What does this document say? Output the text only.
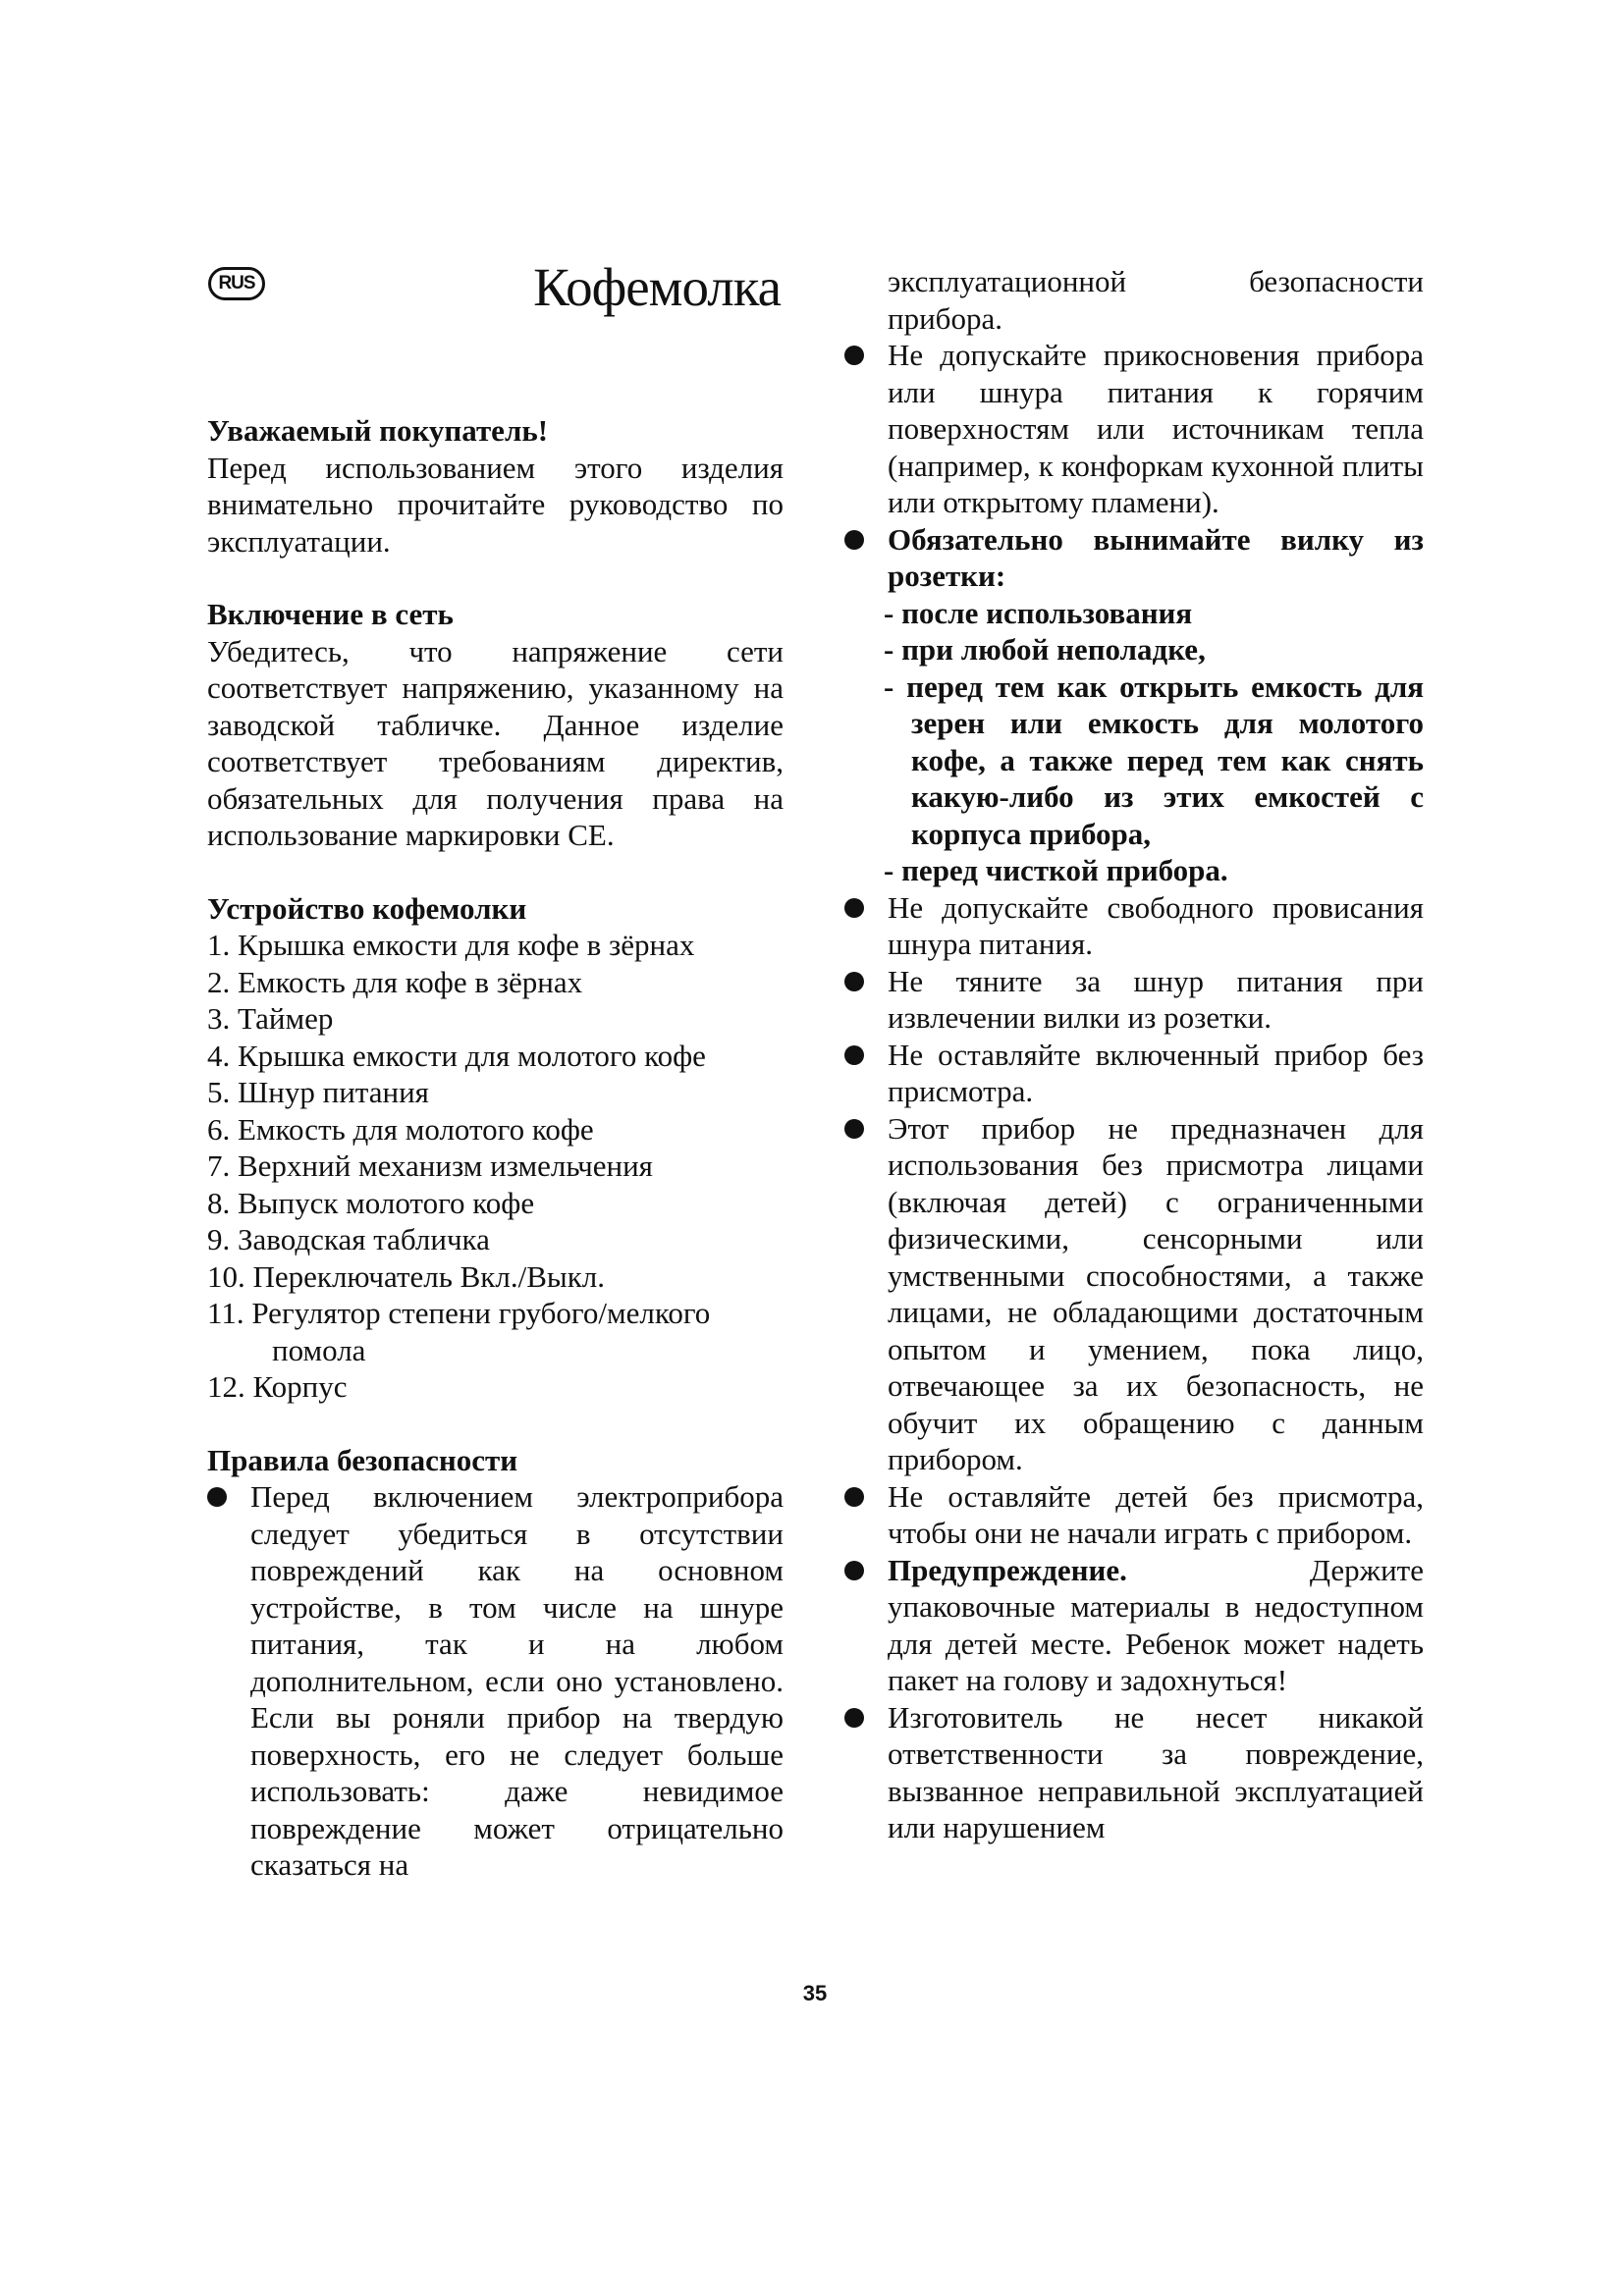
RUS	Кофемолка

Уважаемый покупатель!

Перед использованием этого изделия внимательно прочитайте руководство по эксплуатации.

Включение в сеть

Убедитесь, что напряжение сети соответствует напряжению, указанному на заводской табличке. Данное изделие соответствует требованиям директив, обязательных для получения права на использование маркировки CE.

Устройство кофемолки

1. Крышка емкости для кофе в зёрнах
2. Емкость для кофе в зёрнах
3. Таймер
4. Крышка емкости для молотого кофе
5. Шнур питания
6. Емкость для молотого кофе
7. Верхний механизм измельчения
8. Выпуск молотого кофе
9. Заводская табличка
10. Переключатель Вкл./Выкл.
11. Регулятор степени грубого/мелкого помола
12. Корпус

Правила безопасности

Перед включением электроприбора следует убедиться в отсутствии повреждений как на основном устройстве, в том числе на шнуре питания, так и на любом дополнительном, если оно установлено. Если вы роняли прибор на твердую поверхность, его не следует больше использовать: даже невидимое повреждение может отрицательно сказаться на

эксплуатационной безопасности прибора.

Не допускайте прикосновения прибора или шнура питания к горячим поверхностям или источникам тепла (например, к конфоркам кухонной плиты или открытому пламени).
Обязательно вынимайте вилку из розетки:
- после использования
- при любой неполадке,
- перед тем как открыть емкость для зерен или емкость для молотого кофе, а также перед тем как снять какую-либо из этих емкостей с корпуса прибора,
- перед чисткой прибора.
Не допускайте свободного провисания шнура питания.
Не тяните за шнур питания при извлечении вилки из розетки.
Не оставляйте включенный прибор без присмотра.
Этот прибор не предназначен для использования без присмотра лицами (включая детей) с ограниченными физическими, сенсорными или умственными способностями, а также лицами, не обладающими достаточным опытом и умением, пока лицо, отвечающее за их безопасность, не обучит их обращению с данным прибором.
Не оставляйте детей без присмотра, чтобы они не начали играть с прибором.
Предупреждение.	Держите упаковочные материалы в недоступном для детей месте. Ребенок может надеть пакет на голову и задохнуться!
Изготовитель не несет никакой ответственности за повреждение, вызванное неправильной эксплуатацией или нарушением
35
